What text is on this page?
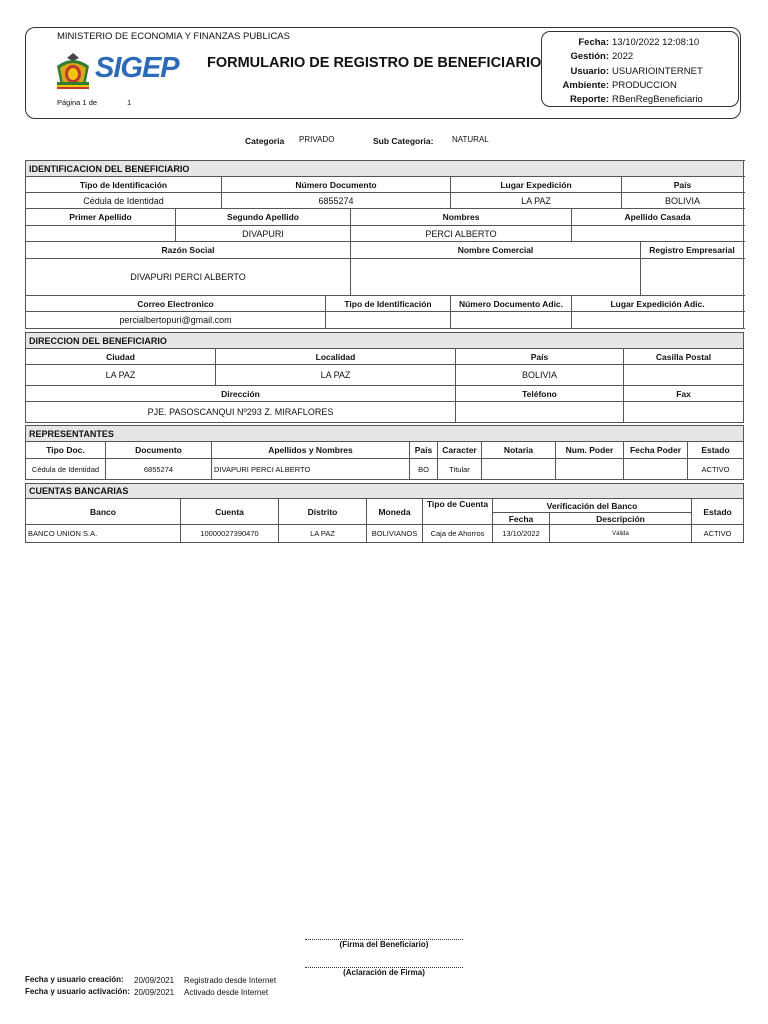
MINISTERIO DE ECONOMIA Y FINANZAS PUBLICAS
SIGEP
Página 1 de	1
FORMULARIO DE REGISTRO DE BENEFICIARIO
Fecha: 13/10/2022 12:08:10
Gestión: 2022
Usuario: USUARIOINTERNET
Ambiente: PRODUCCION
Reporte: RBenRegBeneficiario
Categoria PRIVADO	Sub Categoria: NATURAL
IDENTIFICACION DEL BENEFICIARIO								
Tipo de Identificación		Número Documento			Lugar Expedición		País	
Cédula de Identidad		6855274			LA PAZ		BOLIVIA	
Primer Apellido	Segundo Apellido			Nombres		Apellido Casada		
	DIVAPURI			PERCI ALBERTO				
Razón Social				Nombre Comercial				Registro Empresarial
DIVAPURI PERCI ALBERTO								
Correo Electronico			Tipo de Identificación		Número Documento Adic.	Lugar Expedición Adic.		
percialbertopuri@gmail.com								
DIRECCION DEL BENEFICIARIO			
Ciudad	Localidad	País	Casilla Postal
LA PAZ	LA PAZ	BOLIVIA	
Dirección		Teléfono	Fax
PJE. PASOSCANQUI Nº293 Z. MIRAFLORES			
REPRESENTANTES								
Tipo Doc.	Documento	Apellidos y Nombres	País	Caracter	Notaria	Num. Poder	Fecha Poder	Estado
Cédula de Identidad	6855274	DIVAPURI PERCI ALBERTO	BO	Titular				ACTIVO
CUENTAS BANCARIAS							
Banco	Cuenta	Distrito	Moneda	Tipo de Cuenta	Verificación del Banco		Estado
					Fecha	Descripción	
BANCO UNION S.A.	10000027390470	LA PAZ	BOLIVIANOS	Caja de Ahorros	13/10/2022	Válida	ACTIVO
(Firma del Beneficiario)
(Aclaración de Firma)
Fecha y usuario creación: 20/09/2021 Registrado desde Internet
Fecha y usuario activación: 20/09/2021 Activado desde Internet
